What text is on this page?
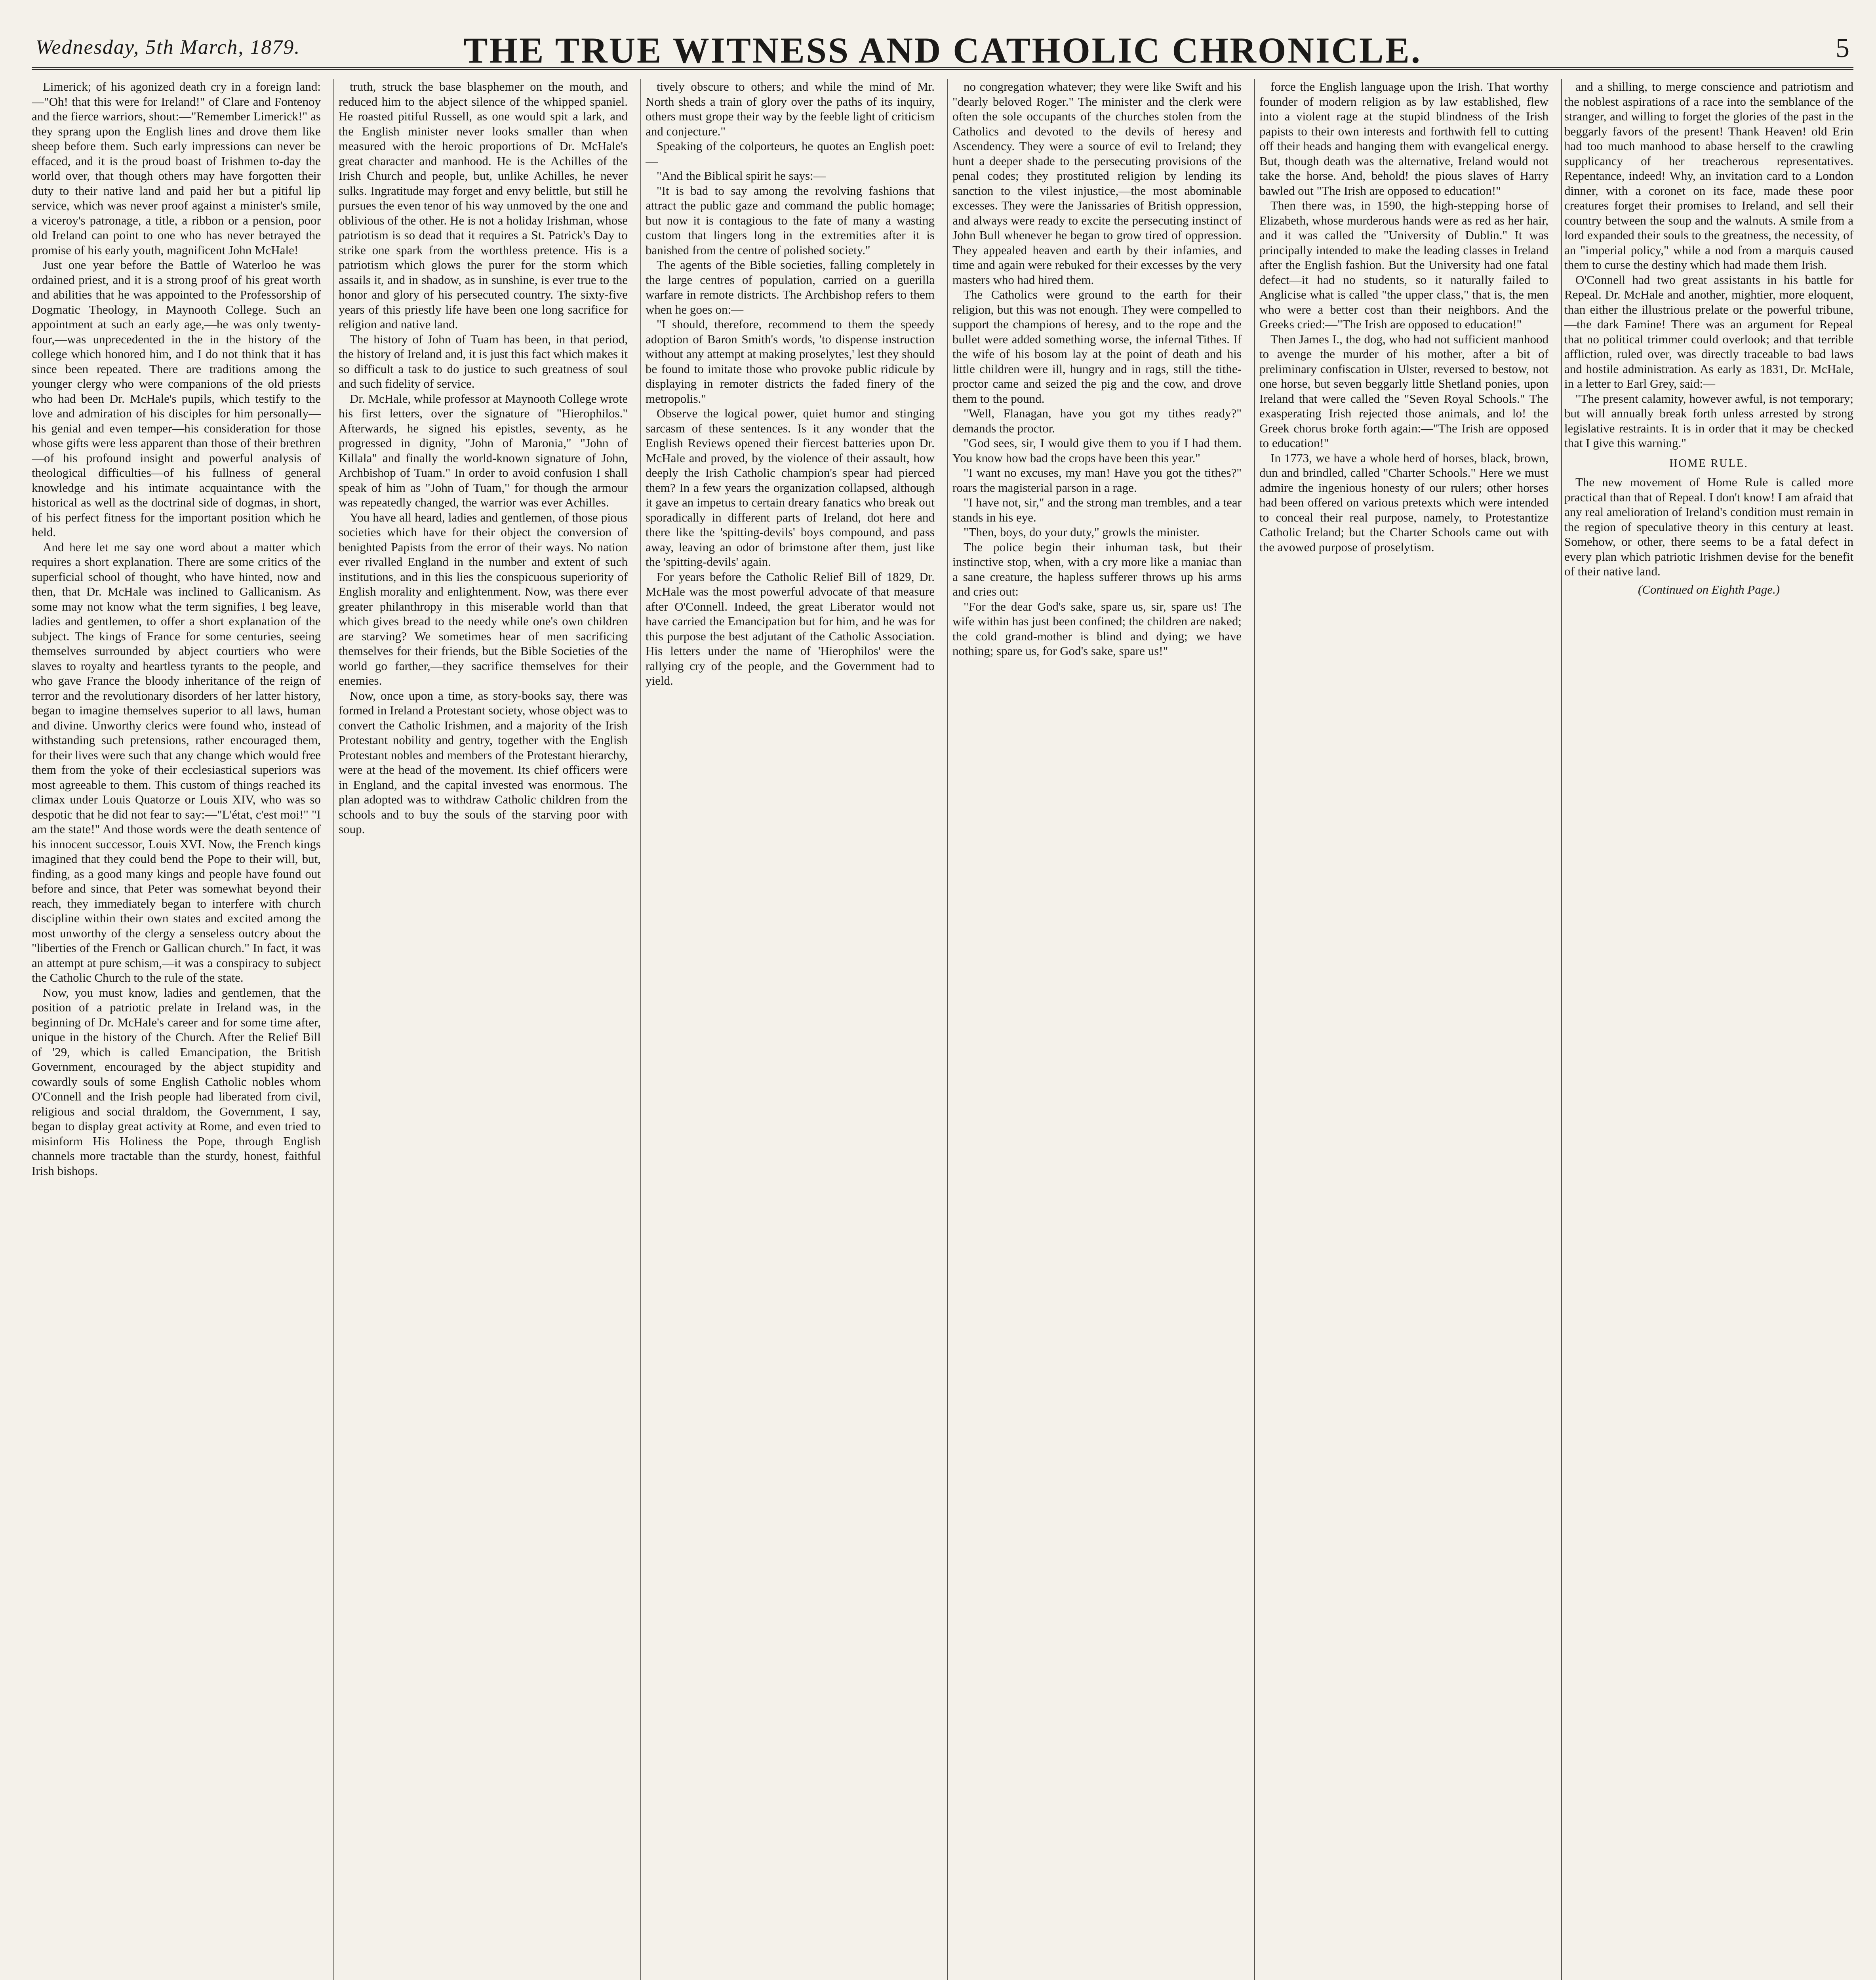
Wednesday, 5th March, 1879.	THE TRUE WITNESS AND CATHOLIC CHRONICLE.	5

Limerick; of his agonized death cry in a foreign land:—"Oh! that this were for Ireland!" of Clare and Fontenoy and the fierce warriors, shout:—"Remember Limerick!" as they sprang upon the English lines and drove them like sheep before them. Such early impressions can never be effaced, and it is the proud boast of Irishmen to-day the world over, that though others may have forgotten their duty to their native land and paid her but a pitiful lip service, which was never proof against a minister's smile, a viceroy's patronage, a title, a ribbon or a pension, poor old Ireland can point to one who has never betrayed the promise of his early youth, magnificent John McHale!

Just one year before the Battle of Waterloo he was ordained priest, and it is a strong proof of his great worth and abilities that he was appointed to the Professorship of Dogmatic Theology, in Maynooth College. Such an appointment at such an early age,—he was only twenty-four,—was unprecedented in the in the history of the college which honored him, and I do not think that it has since been repeated. There are traditions among the younger clergy who were companions of the old priests who had been Dr. McHale's pupils, which testify to the love and admiration of his disciples for him personally—his genial and even temper—his consideration for those whose gifts were less apparent than those of their brethren—of his profound insight and powerful analysis of theological difficulties—of his fullness of general knowledge and his intimate acquaintance with the historical as well as the doctrinal side of dogmas, in short, of his perfect fitness for the important position which he held.

And here let me say one word about a matter which requires a short explanation. There are some critics of the superficial school of thought, who have hinted, now and then, that Dr. McHale was inclined to Gallicanism. As some may not know what the term signifies, I beg leave, ladies and gentlemen, to offer a short explanation of the subject. The kings of France for some centuries, seeing themselves surrounded by abject courtiers who were slaves to royalty and heartless tyrants to the people, and who gave France the bloody inheritance of the reign of terror and the revolutionary disorders of her latter history, began to imagine themselves superior to all laws, human and divine. Unworthy clerics were found who, instead of withstanding such pretensions, rather encouraged them, for their lives were such that any change which would free them from the yoke of their ecclesiastical superiors was most agreeable to them. This custom of things reached its climax under Louis Quatorze or Louis XIV, who was so despotic that he did not fear to say:—"L'état, c'est moi!" "I am the state!" And those words were the death sentence of his innocent successor, Louis XVI. Now, the French kings imagined that they could bend the Pope to their will, but, finding, as a good many kings and people have found out before and since, that Peter was somewhat beyond their reach, they immediately began to interfere with church discipline within their own states and excited among the most unworthy of the clergy a senseless outcry about the "liberties of the French or Gallican church." In fact, it was an attempt at pure schism,—it was a conspiracy to subject the Catholic Church to the rule of the state.

Now, you must know, ladies and gentlemen, that the position of a patriotic prelate in Ireland was, in the beginning of Dr. McHale's career and for some time after, unique in the history of the Church. After the Relief Bill of '29, which is called Emancipation, the British Government, encouraged by the abject stupidity and cowardly souls of some English Catholic nobles whom O'Connell and the Irish people had liberated from civil, religious and social thraldom, the Government, I say, began to display great activity at Rome, and even tried to misinform His Holiness the Pope, through English channels more tractable than the sturdy, honest, faithful Irish bishops.

truth, struck the base blasphemer on the mouth, and reduced him to the abject silence of the whipped spaniel. He roasted pitiful Russell, as one would spit a lark, and the English minister never looks smaller than when measured with the heroic proportions of Dr. McHale's great character and manhood. He is the Achilles of the Irish Church and people, but, unlike Achilles, he never sulks. Ingratitude may forget and envy belittle, but still he pursues the even tenor of his way unmoved by the one and oblivious of the other. He is not a holiday Irishman, whose patriotism is so dead that it requires a St. Patrick's Day to strike one spark from the worthless pretence. His is a patriotism which glows the purer for the storm which assails it, and in shadow, as in sunshine, is ever true to the honor and glory of his persecuted country. The sixty-five years of this priestly life have been one long sacrifice for religion and native land.

The history of John of Tuam has been, in that period, the history of Ireland and, it is just this fact which makes it so difficult a task to do justice to such greatness of soul and such fidelity of service.

Dr. McHale, while professor at Maynooth College wrote his first letters, over the signature of "Hierophilos." Afterwards, he signed his epistles, seventy, as he progressed in dignity, "John of Maronia," "John of Killala" and finally the world-known signature of John, Archbishop of Tuam." In order to avoid confusion I shall speak of him as "John of Tuam," for though the armour was repeatedly changed, the warrior was ever Achilles.

You have all heard, ladies and gentlemen, of those pious societies which have for their object the conversion of benighted Papists from the error of their ways. No nation ever rivalled England in the number and extent of such institutions, and in this lies the conspicuous superiority of English morality and enlightenment. Now, was there ever greater philanthropy in this miserable world than that which gives bread to the needy while one's own children are starving? We sometimes hear of men sacrificing themselves for their friends, but the Bible Societies of the world go farther,—they sacrifice themselves for their enemies.

Now, once upon a time, as story-books say, there was formed in Ireland a Protestant society, whose object was to convert the Catholic Irishmen, and a majority of the Irish Protestant nobility and gentry, together with the English Protestant nobles and members of the Protestant hierarchy, were at the head of the movement. Its chief officers were in England, and the capital invested was enormous. The plan adopted was to withdraw Catholic children from the schools and to buy the souls of the starving poor with soup.

tively obscure to others; and while the mind of Mr. North sheds a train of glory over the paths of its inquiry, others must grope their way by the feeble light of criticism and conjecture."

Speaking of the colporteurs, he quotes an English poet:—

"And the Biblical spirit he says:—

"It is bad to say among the revolving fashions that attract the public gaze and command the public homage; but now it is contagious to the fate of many a wasting custom that lingers long in the extremities after it is banished from the centre of polished society."

The agents of the Bible societies, falling completely in the large centres of population, carried on a guerilla warfare in remote districts. The Archbishop refers to them when he goes on:—

"I should, therefore, recommend to them the speedy adoption of Baron Smith's words, 'to dispense instruction without any attempt at making proselytes,' lest they should be found to imitate those who provoke public ridicule by displaying in remoter districts the faded finery of the metropolis."

Observe the logical power, quiet humor and stinging sarcasm of these sentences. Is it any wonder that the English Reviews opened their fiercest batteries upon Dr. McHale and proved, by the violence of their assault, how deeply the Irish Catholic champion's spear had pierced them? In a few years the organization collapsed, although it gave an impetus to certain dreary fanatics who break out sporadically in different parts of Ireland, dot here and there like the 'spitting-devils' boys compound, and pass away, leaving an odor of brimstone after them, just like the 'spitting-devils' again.

For years before the Catholic Relief Bill of 1829, Dr. McHale was the most powerful advocate of that measure after O'Connell. Indeed, the great Liberator would not have carried the Emancipation but for him, and he was for this purpose the best adjutant of the Catholic Association. His letters under the name of 'Hierophilos' were the rallying cry of the people, and the Government had to yield.

no congregation whatever; they were like Swift and his "dearly beloved Roger." The minister and the clerk were often the sole occupants of the churches stolen from the Catholics and devoted to the devils of heresy and Ascendency. They were a source of evil to Ireland; they hunt a deeper shade to the persecuting provisions of the penal codes; they prostituted religion by lending its sanction to the vilest injustice,—the most abominable excesses. They were the Janissaries of British oppression, and always were ready to excite the persecuting instinct of John Bull whenever he began to grow tired of oppression. They appealed heaven and earth by their infamies, and time and again were rebuked for their excesses by the very masters who had hired them.

The Catholics were ground to the earth for their religion, but this was not enough. They were compelled to support the champions of heresy, and to the rope and the bullet were added something worse, the infernal Tithes. If the wife of his bosom lay at the point of death and his little children were ill, hungry and in rags, still the tithe-proctor came and seized the pig and the cow, and drove them to the pound.

"Well, Flanagan, have you got my tithes ready?" demands the proctor.

"God sees, sir, I would give them to you if I had them. You know how bad the crops have been this year."

"I want no excuses, my man! Have you got the tithes?" roars the magisterial parson in a rage.

"I have not, sir," and the strong man trembles, and a tear stands in his eye.

"Then, boys, do your duty," growls the minister.

The police begin their inhuman task, but their instinctive stop, when, with a cry more like a maniac than a sane creature, the hapless sufferer throws up his arms and cries out:

"For the dear God's sake, spare us, sir, spare us! The wife within has just been confined; the children are naked; the cold grand-mother is blind and dying; we have nothing; spare us, for God's sake, spare us!"

force the English language upon the Irish. That worthy founder of modern religion as by law established, flew into a violent rage at the stupid blindness of the Irish papists to their own interests and forthwith fell to cutting off their heads and hanging them with evangelical energy. But, though death was the alternative, Ireland would not take the horse. And, behold! the pious slaves of Harry bawled out "The Irish are opposed to education!"

Then there was, in 1590, the high-stepping horse of Elizabeth, whose murderous hands were as red as her hair, and it was called the "University of Dublin." It was principally intended to make the leading classes in Ireland after the English fashion. But the University had one fatal defect—it had no students, so it naturally failed to Anglicise what is called "the upper class," that is, the men who were a better cost than their neighbors. And the Greeks cried:—"The Irish are opposed to education!"

Then James I., the dog, who had not sufficient manhood to avenge the murder of his mother, after a bit of preliminary confiscation in Ulster, reversed to bestow, not one horse, but seven beggarly little Shetland ponies, upon Ireland that were called the "Seven Royal Schools." The exasperating Irish rejected those animals, and lo! the Greek chorus broke forth again:—"The Irish are opposed to education!"

In 1773, we have a whole herd of horses, black, brown, dun and brindled, called "Charter Schools." Here we must admire the ingenious honesty of our rulers; other horses had been offered on various pretexts which were intended to conceal their real purpose, namely, to Protestantize Catholic Ireland; but the Charter Schools came out with the avowed purpose of proselytism.

and a shilling, to merge conscience and patriotism and the noblest aspirations of a race into the semblance of the stranger, and willing to forget the glories of the past in the beggarly favors of the present! Thank Heaven! old Erin had too much manhood to abase herself to the crawling supplicancy of her treacherous representatives. Repentance, indeed! Why, an invitation card to a London dinner, with a coronet on its face, made these poor creatures forget their promises to Ireland, and sell their country between the soup and the walnuts. A smile from a lord expanded their souls to the greatness, the necessity, of an "imperial policy," while a nod from a marquis caused them to curse the destiny which had made them Irish.

O'Connell had two great assistants in his battle for Repeal. Dr. McHale and another, mightier, more eloquent, than either the illustrious prelate or the powerful tribune,—the dark Famine! There was an argument for Repeal that no political trimmer could overlook; and that terrible affliction, ruled over, was directly traceable to bad laws and hostile administration. As early as 1831, Dr. McHale, in a letter to Earl Grey, said:—

"The present calamity, however awful, is not temporary; but will annually break forth unless arrested by strong legislative restraints. It is in order that it may be checked that I give this warning."

HOME RULE.

The new movement of Home Rule is called more practical than that of Repeal. I don't know! I am afraid that any real amelioration of Ireland's condition must remain in the region of speculative theory in this century at least. Somehow, or other, there seems to be a fatal defect in every plan which patriotic Irishmen devise for the benefit of their native land.

(Continued on Eighth Page.)
